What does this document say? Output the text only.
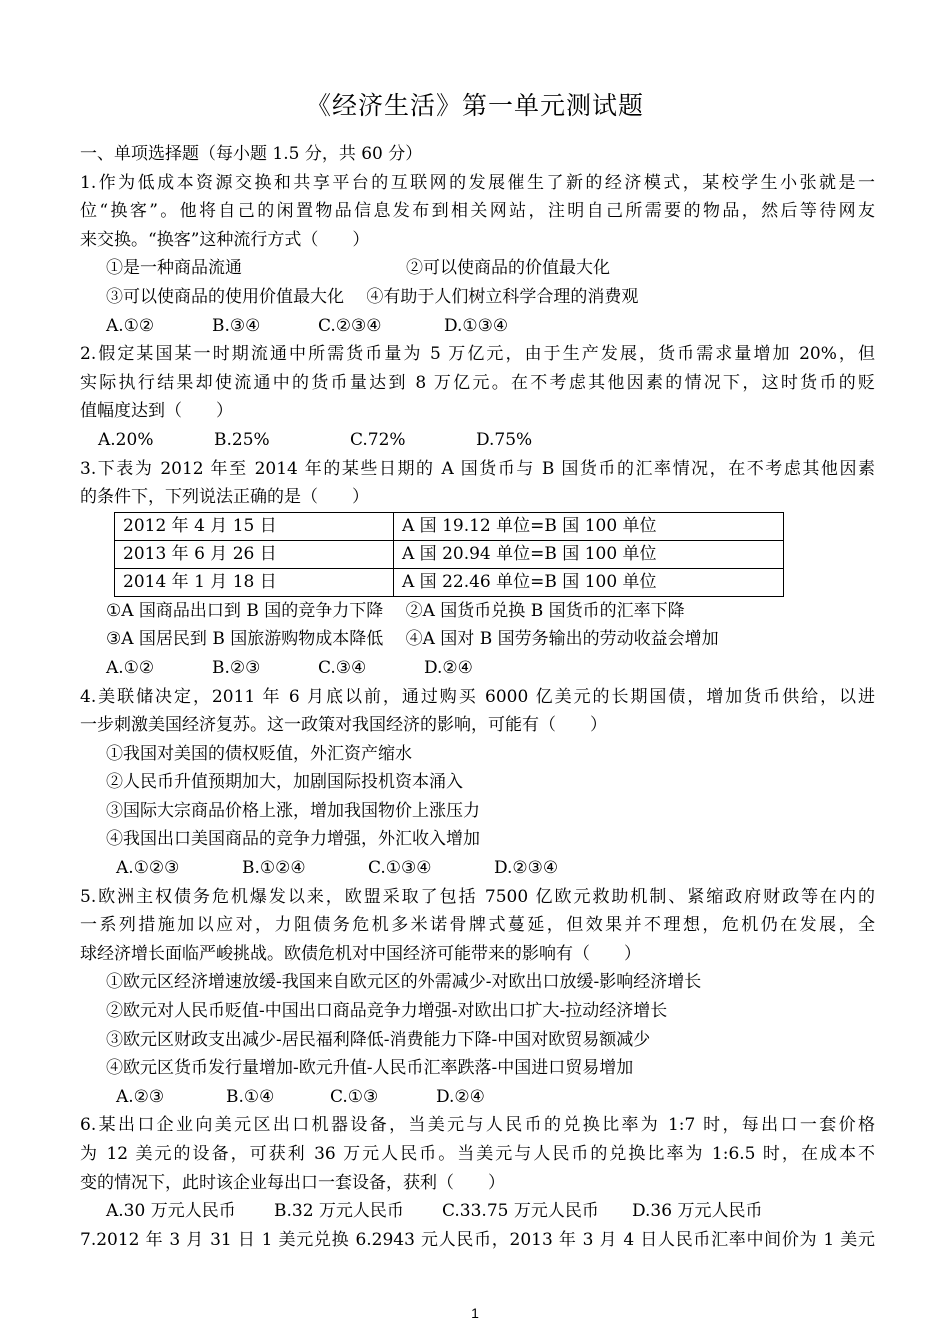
《经济生活》第一单元测试题
一、单项选择题（每小题 1.5 分，共 60 分）
1.作为低成本资源交换和共享平台的互联网的发展催生了新的经济模式，某校学生小张就是一
位“换客”。他将自己的闲置物品信息发布到相关网站，注明自己所需要的物品，然后等待网友
来交换。“换客”这种流行方式（　　）
①是一种商品流通	②可以使商品的价值最大化
③可以使商品的使用价值最大化　 ④有助于人们树立科学合理的消费观
A.①②	B.③④	C.②③④	D.①③④
2.假定某国某一时期流通中所需货币量为 5 万亿元，由于生产发展，货币需求量增加 20%，但
实际执行结果却使流通中的货币量达到 8 万亿元。在不考虑其他因素的情况下，这时货币的贬
值幅度达到（　　）
A.20%	B.25%	C.72%	D.75%
3.下表为 2012 年至 2014 年的某些日期的 A 国货币与 B 国货币的汇率情况，在不考虑其他因素
的条件下，下列说法正确的是（　　）
2012 年 4 月 15 日	A 国 19.12 单位=B 国 100 单位
2013 年 6 月 26 日	A 国 20.94 单位=B 国 100 单位
2014 年 1 月 18 日	A 国 22.46 单位=B 国 100 单位
①A 国商品出口到 B 国的竞争力下降　 ②A 国货币兑换 B 国货币的汇率下降
③A 国居民到 B 国旅游购物成本降低　 ④A 国对 B 国劳务输出的劳动收益会增加
A.①②	B.②③	C.③④	D.②④
4.美联储决定，2011 年 6 月底以前，通过购买 6000 亿美元的长期国债，增加货币供给，以进
一步刺激美国经济复苏。这一政策对我国经济的影响，可能有（　　）
①我国对美国的债权贬值，外汇资产缩水
②人民币升值预期加大，加剧国际投机资本涌入
③国际大宗商品价格上涨，增加我国物价上涨压力
④我国出口美国商品的竞争力增强，外汇收入增加
A.①②③	B.①②④	C.①③④	D.②③④
5.欧洲主权债务危机爆发以来，欧盟采取了包括 7500 亿欧元救助机制、紧缩政府财政等在内的
一系列措施加以应对，力阻债务危机多米诺骨牌式蔓延，但效果并不理想，危机仍在发展，全
球经济增长面临严峻挑战。欧债危机对中国经济可能带来的影响有（　　）
①欧元区经济增速放缓-我国来自欧元区的外需减少-对欧出口放缓-影响经济增长
②欧元对人民币贬值-中国出口商品竞争力增强-对欧出口扩大-拉动经济增长
③欧元区财政支出减少-居民福利降低-消费能力下降-中国对欧贸易额减少
④欧元区货币发行量增加-欧元升值-人民币汇率跌落-中国进口贸易增加
A.②③	B.①④	C.①③	D.②④
6.某出口企业向美元区出口机器设备，当美元与人民币的兑换比率为 1:7 时，每出口一套价格
为 12 美元的设备，可获利 36 万元人民币。当美元与人民币的兑换比率为 1:6.5 时，在成本不
变的情况下，此时该企业每出口一套设备，获利（　　）
A.30 万元人民币 B.32 万元人民币 C.33.75 万元人民币 D.36 万元人民币
7.2012 年 3 月 31 日 1 美元兑换 6.2943 元人民币，2013 年 3 月 4 日人民币汇率中间价为 1 美元
1
